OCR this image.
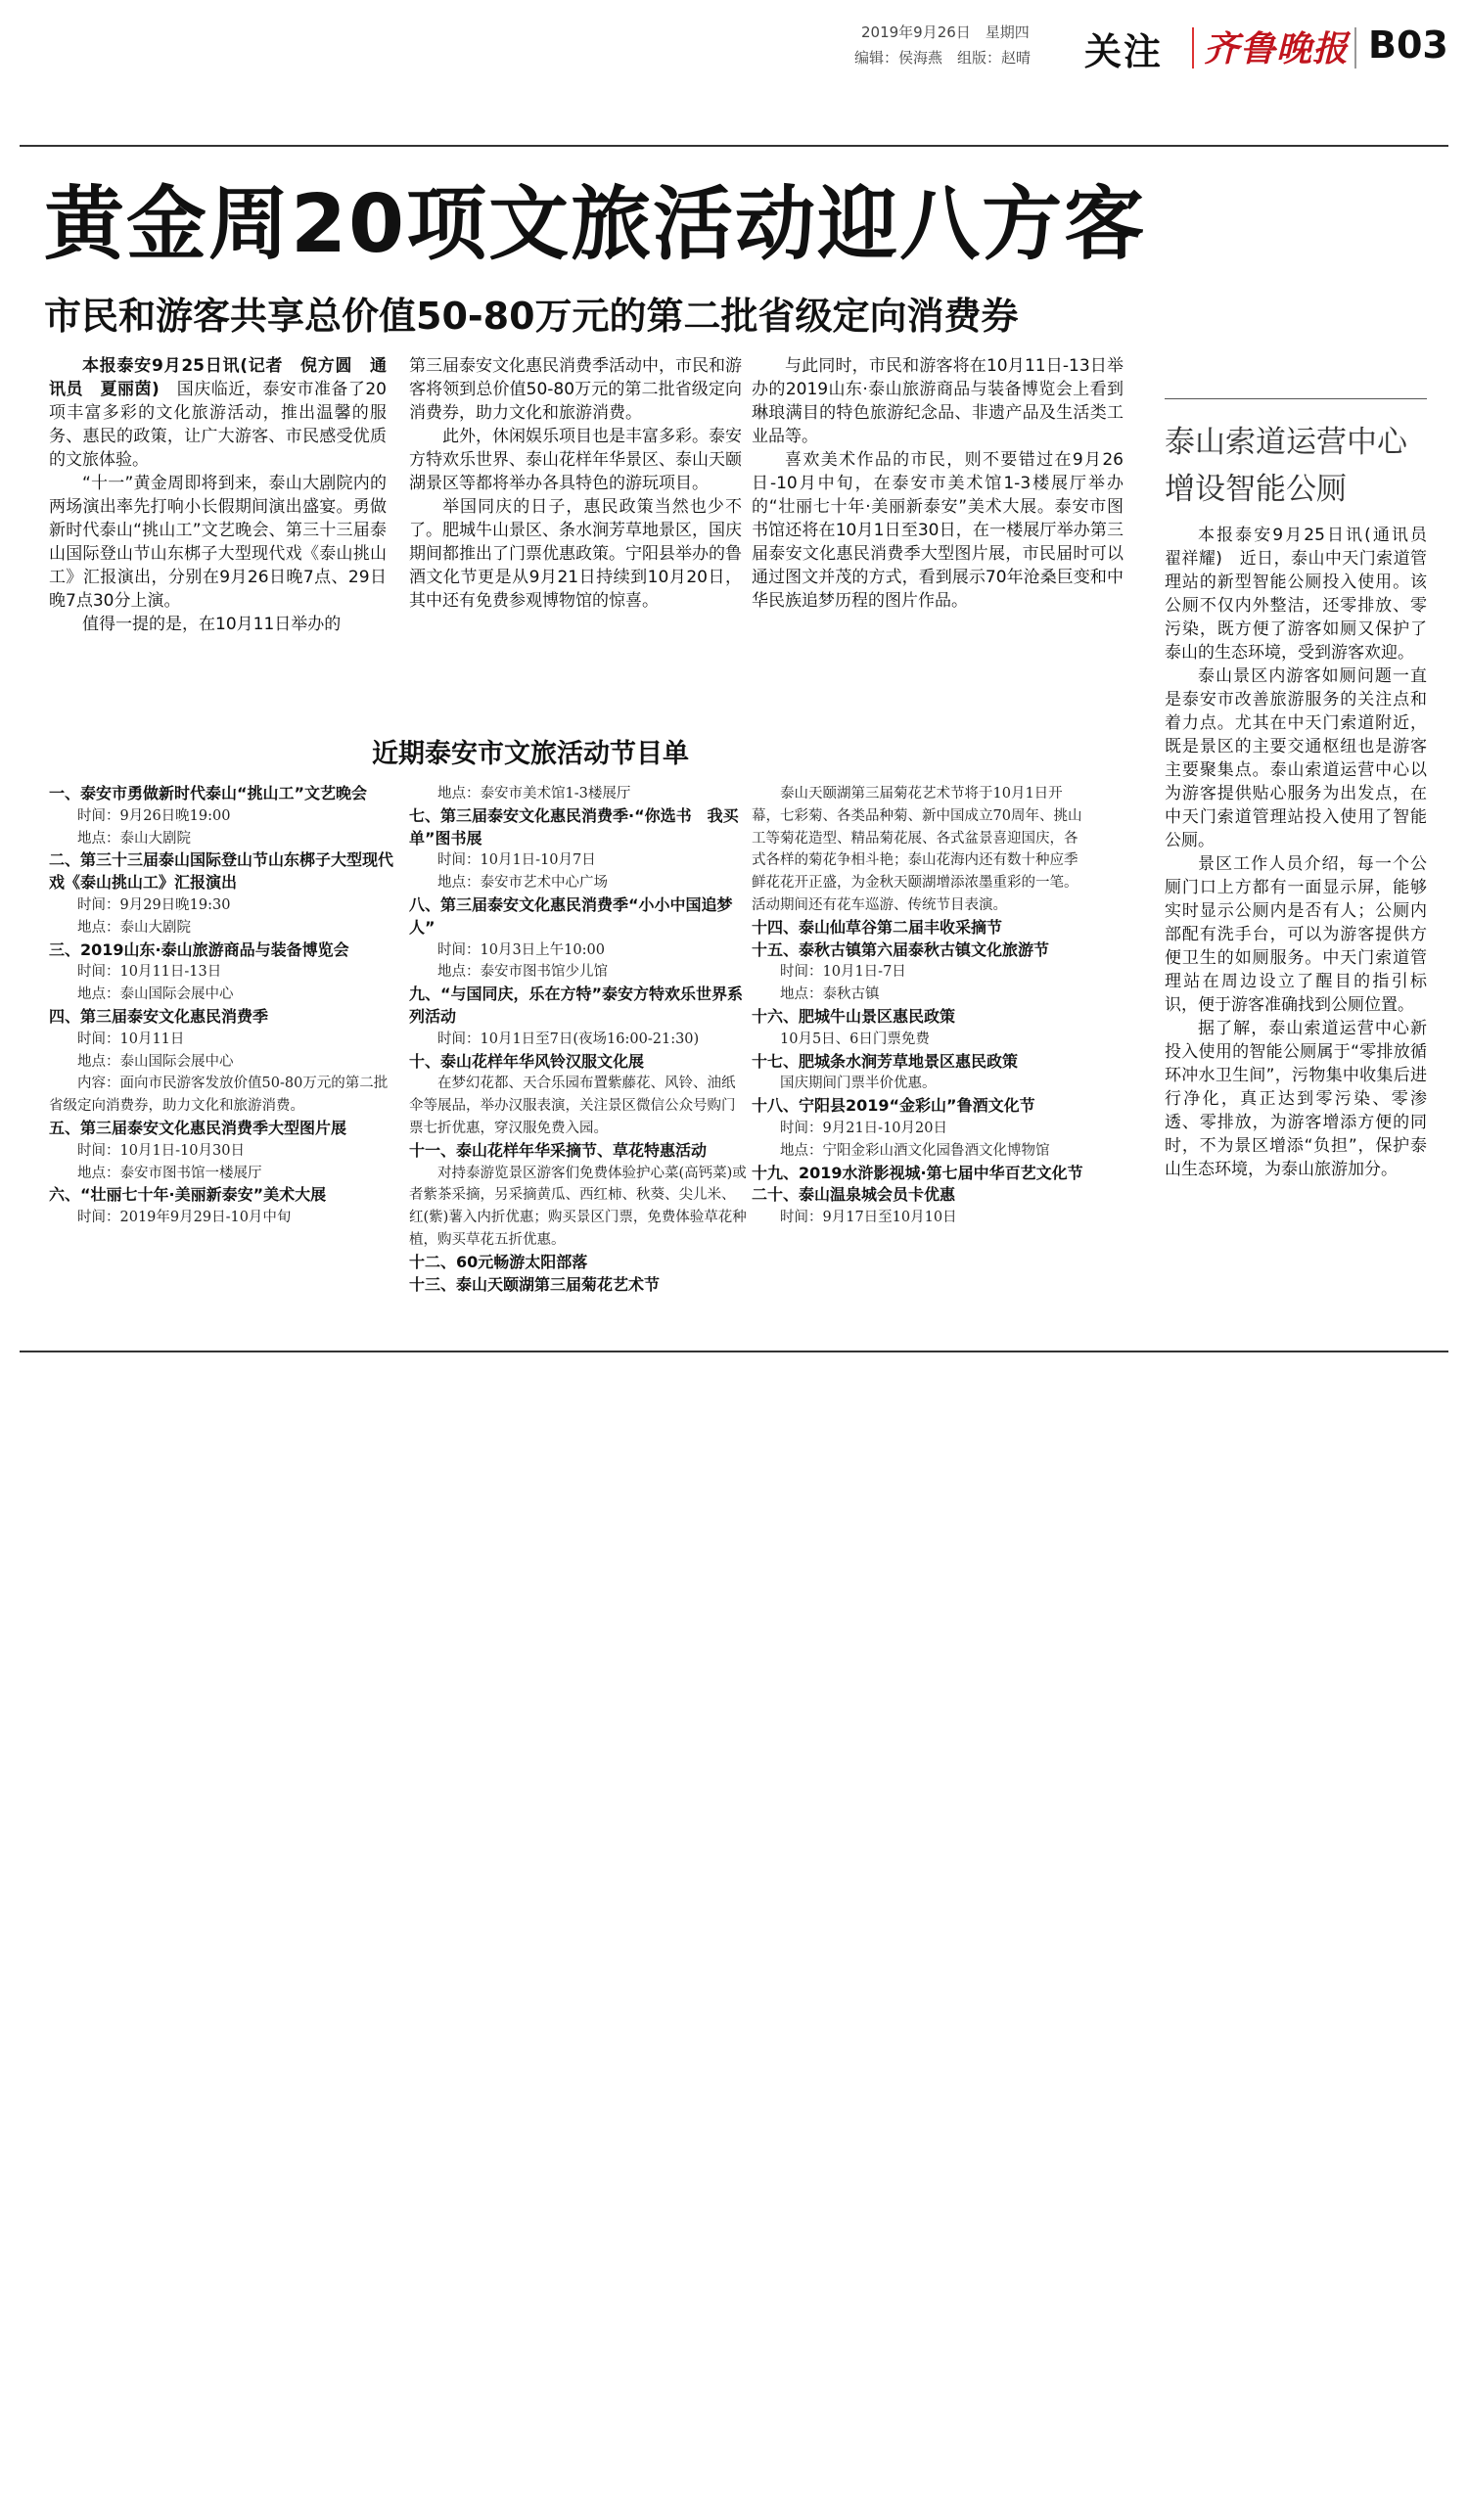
2019年9月26日　星期四
编辑：侯海燕　组版：赵晴 关注 齐鲁晚报 B03
黄金周20项文旅活动迎八方客
市民和游客共享总价值50-80万元的第二批省级定向消费券

本报泰安9月25日讯(记者　倪方圆　通讯员　夏丽茵)　国庆临近，泰安市准备了20项丰富多彩的文化旅游活动，推出温馨的服务、惠民的政策，让广大游客、市民感受优质的文旅体验。

“十一”黄金周即将到来，泰山大剧院内的两场演出率先打响小长假期间演出盛宴。勇做新时代泰山“挑山工”文艺晚会、第三十三届泰山国际登山节山东梆子大型现代戏《泰山挑山工》汇报演出，分别在9月26日晚7点、29日晚7点30分上演。

值得一提的是，在10月11日举办的

第三届泰安文化惠民消费季活动中，市民和游客将领到总价值50-80万元的第二批省级定向消费券，助力文化和旅游消费。

此外，休闲娱乐项目也是丰富多彩。泰安方特欢乐世界、泰山花样年华景区、泰山天颐湖景区等都将举办各具特色的游玩项目。

举国同庆的日子，惠民政策当然也少不了。肥城牛山景区、条水涧芳草地景区，国庆期间都推出了门票优惠政策。宁阳县举办的鲁酒文化节更是从9月21日持续到10月20日，其中还有免费参观博物馆的惊喜。

与此同时，市民和游客将在10月11日-13日举办的2019山东·泰山旅游商品与装备博览会上看到琳琅满目的特色旅游纪念品、非遗产品及生活类工业品等。

喜欢美术作品的市民，则不要错过在9月26日-10月中旬，在泰安市美术馆1-3楼展厅举办的“壮丽七十年·美丽新泰安”美术大展。泰安市图书馆还将在10月1日至30日，在一楼展厅举办第三届泰安文化惠民消费季大型图片展，市民届时可以通过图文并茂的方式，看到展示70年沧桑巨变和中华民族追梦历程的图片作品。

泰山索道运营中心
增设智能公厕

本报泰安9月25日讯(通讯员　翟祥耀)　近日，泰山中天门索道管理站的新型智能公厕投入使用。该公厕不仅内外整洁，还零排放、零污染，既方便了游客如厕又保护了泰山的生态环境，受到游客欢迎。

泰山景区内游客如厕问题一直是泰安市改善旅游服务的关注点和着力点。尤其在中天门索道附近，既是景区的主要交通枢纽也是游客主要聚集点。泰山索道运营中心以为游客提供贴心服务为出发点，在中天门索道管理站投入使用了智能公厕。

景区工作人员介绍，每一个公厕门口上方都有一面显示屏，能够实时显示公厕内是否有人；公厕内部配有洗手台，可以为游客提供方便卫生的如厕服务。中天门索道管理站在周边设立了醒目的指引标识，便于游客准确找到公厕位置。

据了解，泰山索道运营中心新投入使用的智能公厕属于“零排放循环冲水卫生间”，污物集中收集后进行净化，真正达到零污染、零渗透、零排放，为游客增添方便的同时，不为景区增添“负担”，保护泰山生态环境，为泰山旅游加分。

近期泰安市文旅活动节目单

一、泰安市勇做新时代泰山“挑山工”文艺晚会

时间：9月26日晚19:00

地点：泰山大剧院

二、第三十三届泰山国际登山节山东梆子大型现代戏《泰山挑山工》汇报演出

时间：9月29日晚19:30

地点：泰山大剧院

三、2019山东·泰山旅游商品与装备博览会

时间：10月11日-13日

地点：泰山国际会展中心

四、第三届泰安文化惠民消费季

时间：10月11日

地点：泰山国际会展中心

内容：面向市民游客发放价值50-80万元的第二批省级定向消费券，助力文化和旅游消费。

五、第三届泰安文化惠民消费季大型图片展

时间：10月1日-10月30日

地点：泰安市图书馆一楼展厅

六、“壮丽七十年·美丽新泰安”美术大展

时间：2019年9月29日-10月中旬

地点：泰安市美术馆1-3楼展厅

七、第三届泰安文化惠民消费季·“你选书　我买单”图书展

时间：10月1日-10月7日

地点：泰安市艺术中心广场

八、第三届泰安文化惠民消费季“小小中国追梦人”

时间：10月3日上午10:00

地点：泰安市图书馆少儿馆

九、“与国同庆，乐在方特”泰安方特欢乐世界系列活动

时间：10月1日至7日(夜场16:00-21:30)

十、泰山花样年华风铃汉服文化展

在梦幻花都、天合乐园布置紫藤花、风铃、油纸伞等展品，举办汉服表演，关注景区微信公众号购门票七折优惠，穿汉服免费入园。

十一、泰山花样年华采摘节、草花特惠活动

对持泰游览景区游客们免费体验护心菜(高钙菜)或者紫茶采摘，另采摘黄瓜、西红柿、秋葵、尖儿米、红(紫)薯入内折优惠；购买景区门票，免费体验草花种植，购买草花五折优惠。

十二、60元畅游太阳部落

十三、泰山天颐湖第三届菊花艺术节

泰山天颐湖第三届菊花艺术节将于10月1日开幕，七彩菊、各类品种菊、新中国成立70周年、挑山工等菊花造型、精品菊花展、各式盆景喜迎国庆，各式各样的菊花争相斗艳；泰山花海内还有数十种应季鲜花花开正盛，为金秋天颐湖增添浓墨重彩的一笔。活动期间还有花车巡游、传统节目表演。

十四、泰山仙草谷第二届丰收采摘节

十五、泰秋古镇第六届泰秋古镇文化旅游节

时间：10月1日-7日

地点：泰秋古镇

十六、肥城牛山景区惠民政策

10月5日、6日门票免费

十七、肥城条水涧芳草地景区惠民政策

国庆期间门票半价优惠。

十八、宁阳县2019“金彩山”鲁酒文化节

时间：9月21日-10月20日

地点：宁阳金彩山酒文化园鲁酒文化博物馆

十九、2019水浒影视城·第七届中华百艺文化节

二十、泰山温泉城会员卡优惠

时间：9月17日至10月10日
